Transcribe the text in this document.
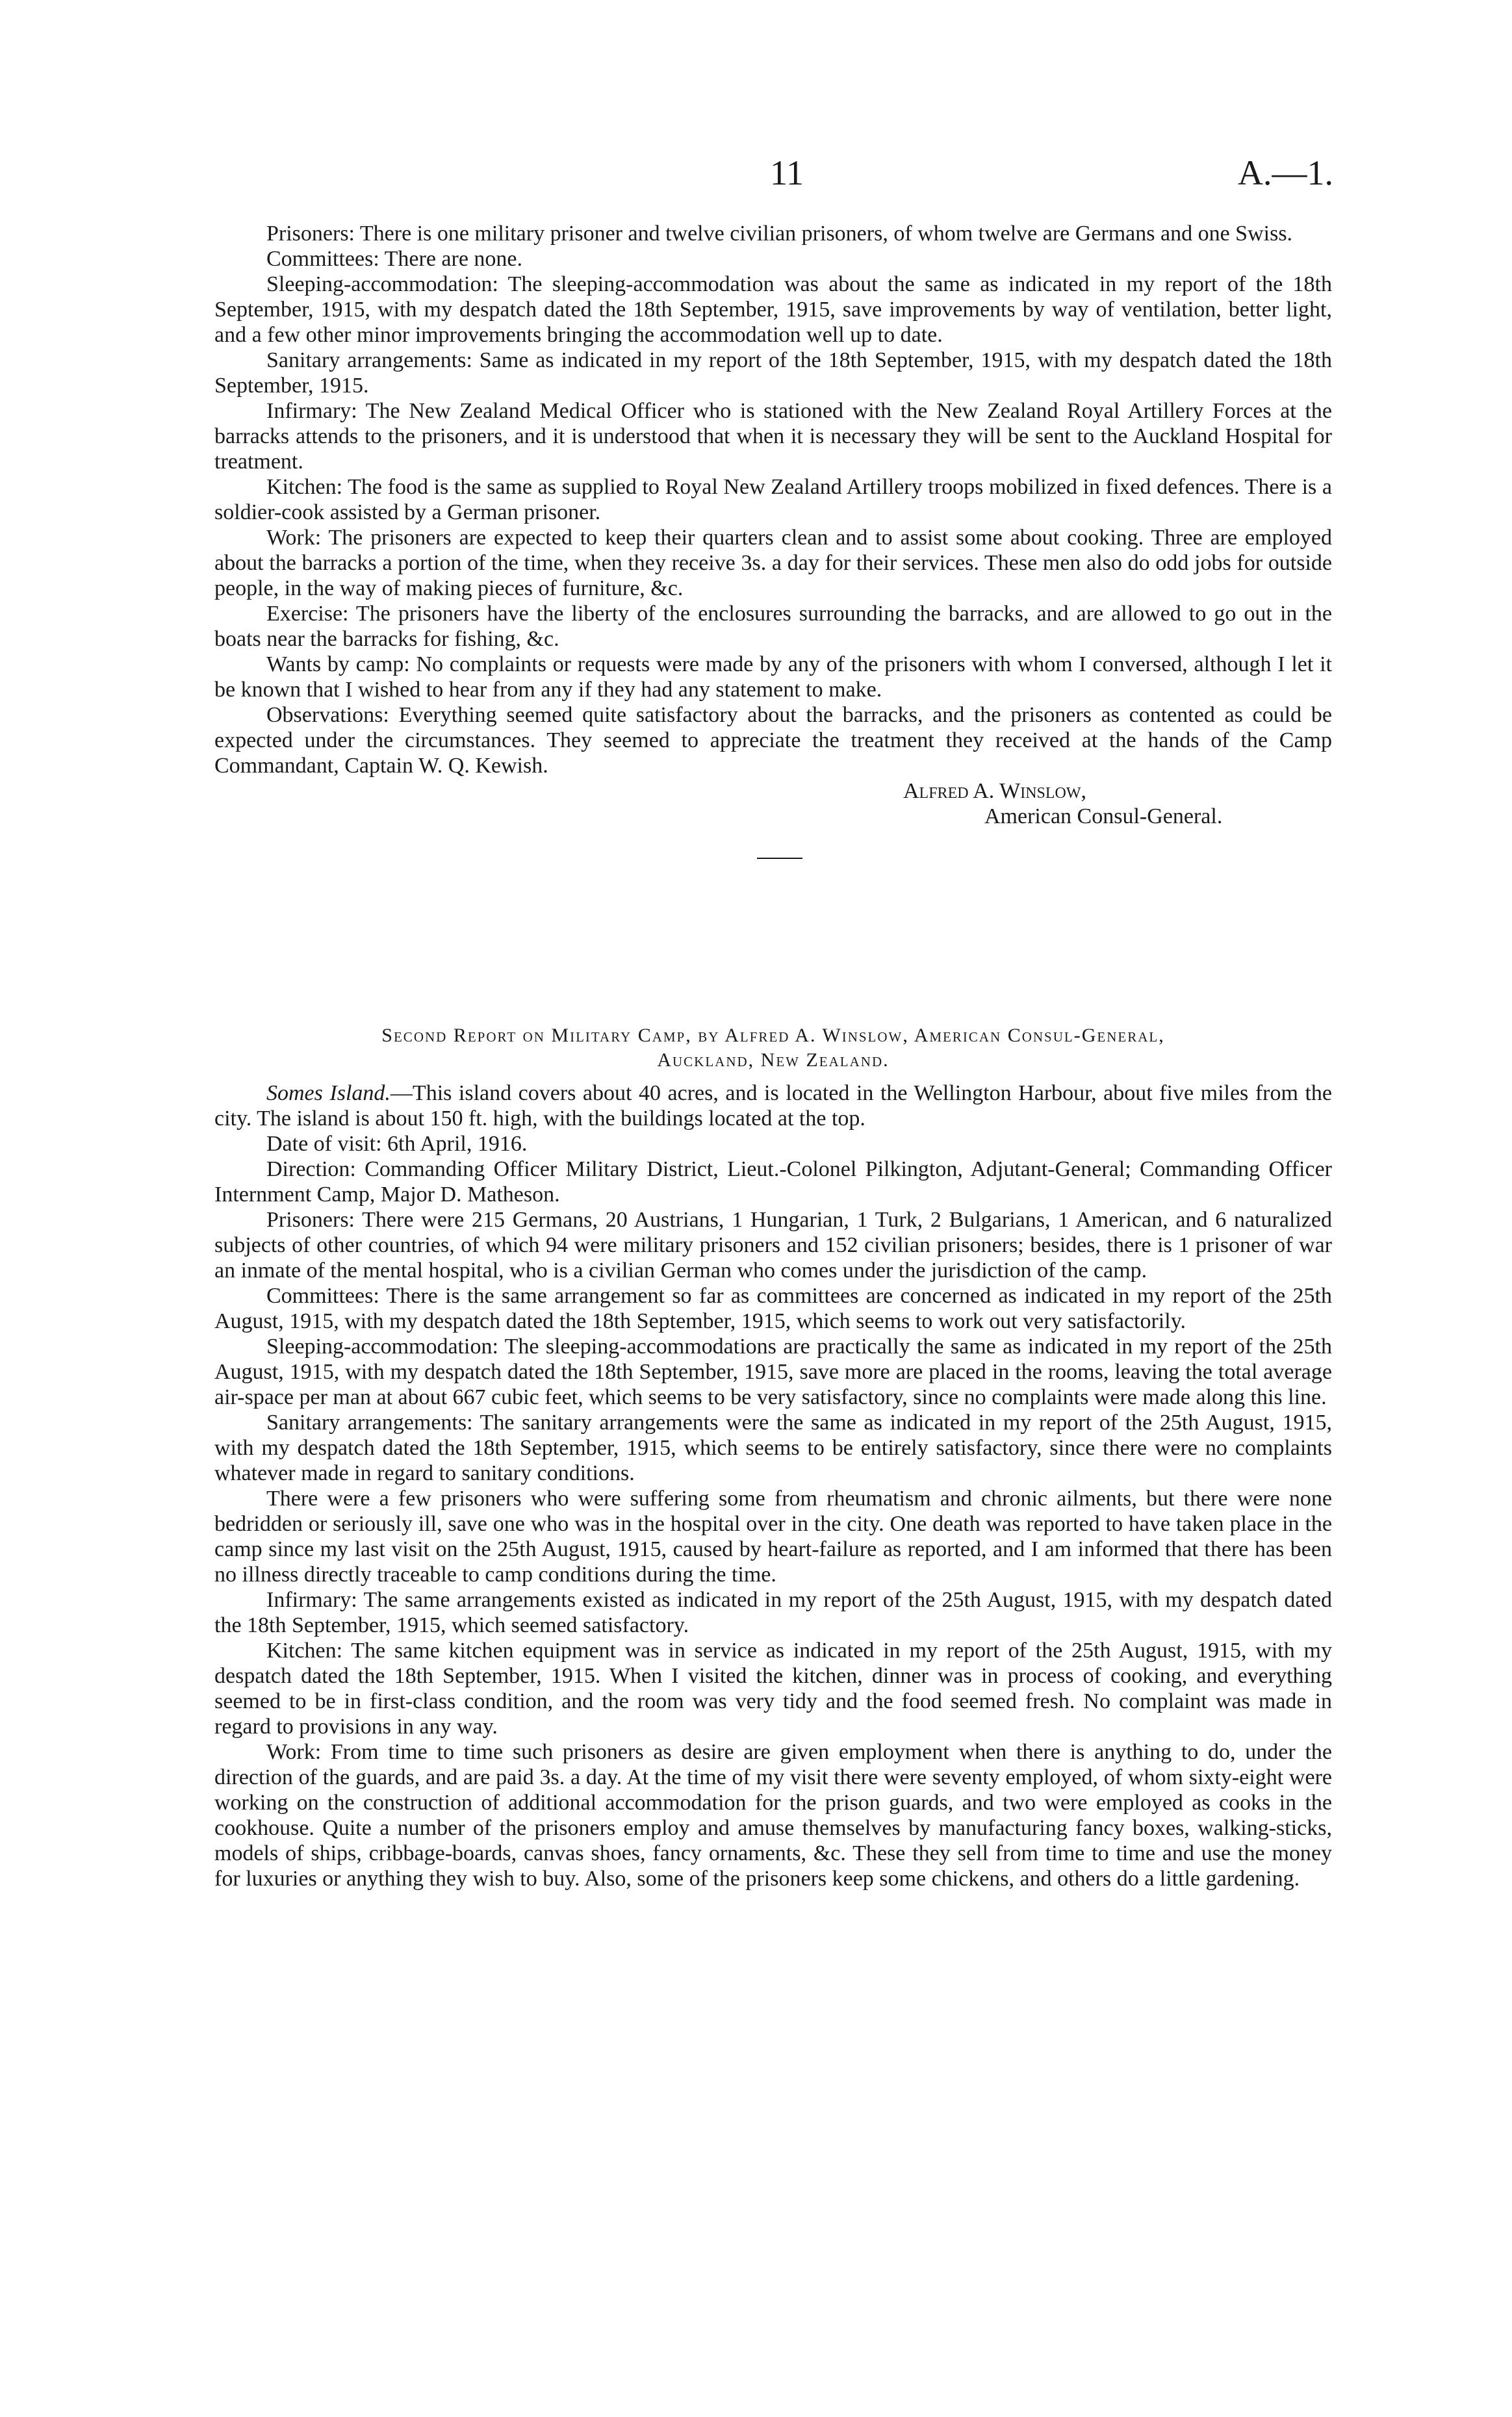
11	A.—1.

Prisoners: There is one military prisoner and twelve civilian prisoners, of whom twelve are Germans and one Swiss.

Committees: There are none.

Sleeping-accommodation: The sleeping-accommodation was about the same as indicated in my report of the 18th September, 1915, with my despatch dated the 18th September, 1915, save improvements by way of ventilation, better light, and a few other minor improvements bringing the accommodation well up to date.

Sanitary arrangements: Same as indicated in my report of the 18th September, 1915, with my despatch dated the 18th September, 1915.

Infirmary: The New Zealand Medical Officer who is stationed with the New Zealand Royal Artillery Forces at the barracks attends to the prisoners, and it is understood that when it is necessary they will be sent to the Auckland Hospital for treatment.

Kitchen: The food is the same as supplied to Royal New Zealand Artillery troops mobilized in fixed defences. There is a soldier-cook assisted by a German prisoner.

Work: The prisoners are expected to keep their quarters clean and to assist some about cooking. Three are employed about the barracks a portion of the time, when they receive 3s. a day for their services. These men also do odd jobs for outside people, in the way of making pieces of furniture, &c.

Exercise: The prisoners have the liberty of the enclosures surrounding the barracks, and are allowed to go out in the boats near the barracks for fishing, &c.

Wants by camp: No complaints or requests were made by any of the prisoners with whom I conversed, although I let it be known that I wished to hear from any if they had any statement to make.

Observations: Everything seemed quite satisfactory about the barracks, and the prisoners as contented as could be expected under the circumstances. They seemed to appreciate the treatment they received at the hands of the Camp Commandant, Captain W. Q. Kewish.

Alfred A. Winslow,
American Consul-General.
Second Report on Military Camp, by Alfred A. Winslow, American Consul-General,
Auckland, New Zealand.

Somes Island.—This island covers about 40 acres, and is located in the Wellington Harbour, about five miles from the city. The island is about 150 ft. high, with the buildings located at the top.

Date of visit: 6th April, 1916.

Direction: Commanding Officer Military District, Lieut.-Colonel Pilkington, Adjutant-General; Commanding Officer Internment Camp, Major D. Matheson.

Prisoners: There were 215 Germans, 20 Austrians, 1 Hungarian, 1 Turk, 2 Bulgarians, 1 American, and 6 naturalized subjects of other countries, of which 94 were military prisoners and 152 civilian prisoners; besides, there is 1 prisoner of war an inmate of the mental hospital, who is a civilian German who comes under the jurisdiction of the camp.

Committees: There is the same arrangement so far as committees are concerned as indicated in my report of the 25th August, 1915, with my despatch dated the 18th September, 1915, which seems to work out very satisfactorily.

Sleeping-accommodation: The sleeping-accommodations are practically the same as indicated in my report of the 25th August, 1915, with my despatch dated the 18th September, 1915, save more are placed in the rooms, leaving the total average air-space per man at about 667 cubic feet, which seems to be very satisfactory, since no complaints were made along this line.

Sanitary arrangements: The sanitary arrangements were the same as indicated in my report of the 25th August, 1915, with my despatch dated the 18th September, 1915, which seems to be entirely satisfactory, since there were no complaints whatever made in regard to sanitary conditions.

There were a few prisoners who were suffering some from rheumatism and chronic ailments, but there were none bedridden or seriously ill, save one who was in the hospital over in the city. One death was reported to have taken place in the camp since my last visit on the 25th August, 1915, caused by heart-failure as reported, and I am informed that there has been no illness directly traceable to camp conditions during the time.

Infirmary: The same arrangements existed as indicated in my report of the 25th August, 1915, with my despatch dated the 18th September, 1915, which seemed satisfactory.

Kitchen: The same kitchen equipment was in service as indicated in my report of the 25th August, 1915, with my despatch dated the 18th September, 1915. When I visited the kitchen, dinner was in process of cooking, and everything seemed to be in first-class condition, and the room was very tidy and the food seemed fresh. No complaint was made in regard to provisions in any way.

Work: From time to time such prisoners as desire are given employment when there is anything to do, under the direction of the guards, and are paid 3s. a day. At the time of my visit there were seventy employed, of whom sixty-eight were working on the construction of additional accommodation for the prison guards, and two were employed as cooks in the cookhouse. Quite a number of the prisoners employ and amuse themselves by manufacturing fancy boxes, walking-sticks, models of ships, cribbage-boards, canvas shoes, fancy ornaments, &c. These they sell from time to time and use the money for luxuries or anything they wish to buy. Also, some of the prisoners keep some chickens, and others do a little gardening.
